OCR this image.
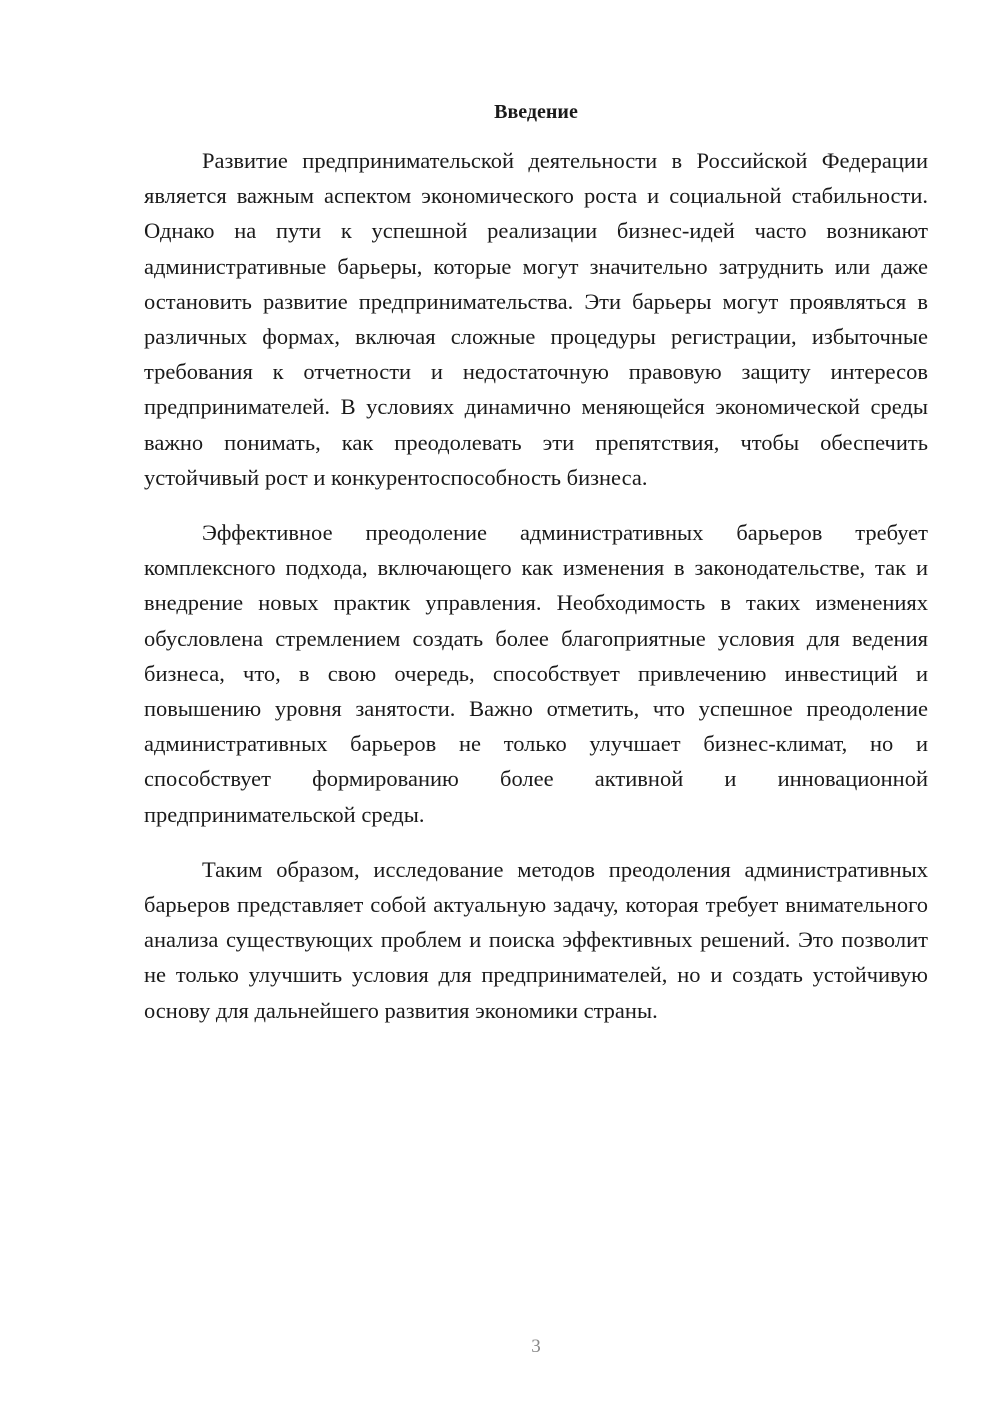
Введение

Развитие предпринимательской деятельности в Российской Федерации является важным аспектом экономического роста и социальной стабильности. Однако на пути к успешной реализации бизнес-идей часто возникают административные барьеры, которые могут значительно затруднить или даже остановить развитие предпринимательства. Эти барьеры могут проявляться в различных формах, включая сложные процедуры регистрации, избыточные требования к отчетности и недостаточную правовую защиту интересов предпринимателей. В условиях динамично меняющейся экономической среды важно понимать, как преодолевать эти препятствия, чтобы обеспечить устойчивый рост и конкурентоспособность бизнеса.

Эффективное преодоление административных барьеров требует комплексного подхода, включающего как изменения в законодательстве, так и внедрение новых практик управления. Необходимость в таких изменениях обусловлена стремлением создать более благоприятные условия для ведения бизнеса, что, в свою очередь, способствует привлечению инвестиций и повышению уровня занятости. Важно отметить, что успешное преодоление административных барьеров не только улучшает бизнес-климат, но и способствует формированию более активной и инновационной предпринимательской среды.

Таким образом, исследование методов преодоления административных барьеров представляет собой актуальную задачу, которая требует внимательного анализа существующих проблем и поиска эффективных решений. Это позволит не только улучшить условия для предпринимателей, но и создать устойчивую основу для дальнейшего развития экономики страны.

3
